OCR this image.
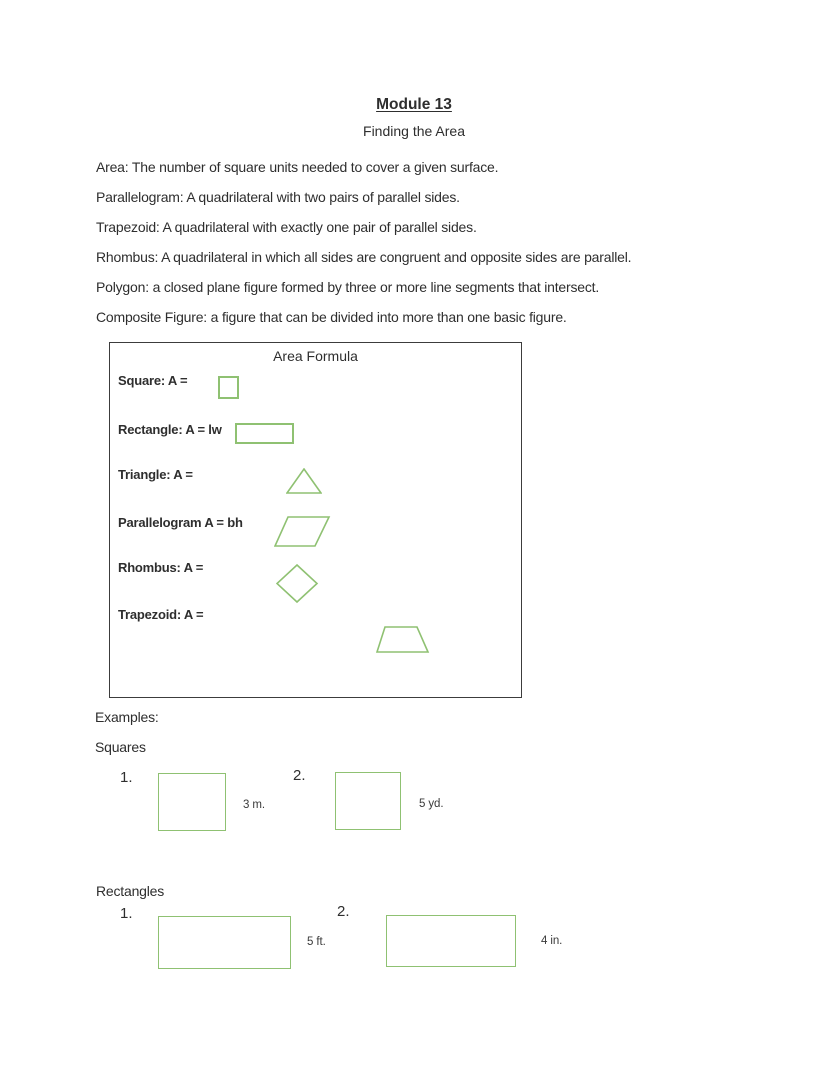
Module 13
Finding the Area
Area: The number of square units needed to cover a given surface.
Parallelogram: A quadrilateral with two pairs of parallel sides.
Trapezoid: A quadrilateral with exactly one pair of parallel sides.
Rhombus: A quadrilateral in which all sides are congruent and opposite sides are parallel.
Polygon: a closed plane figure formed by three or more line segments that intersect.
Composite Figure: a figure that can be divided into more than one basic figure.
Area Formula
Square: A =
Rectangle: A = lw
Triangle: A =
Parallelogram A = bh
Rhombus: A =
Trapezoid: A =
Examples:
Squares
1.
3 m.
2.
5 yd.
Rectangles
1.
5 ft.
2.
4 in.
